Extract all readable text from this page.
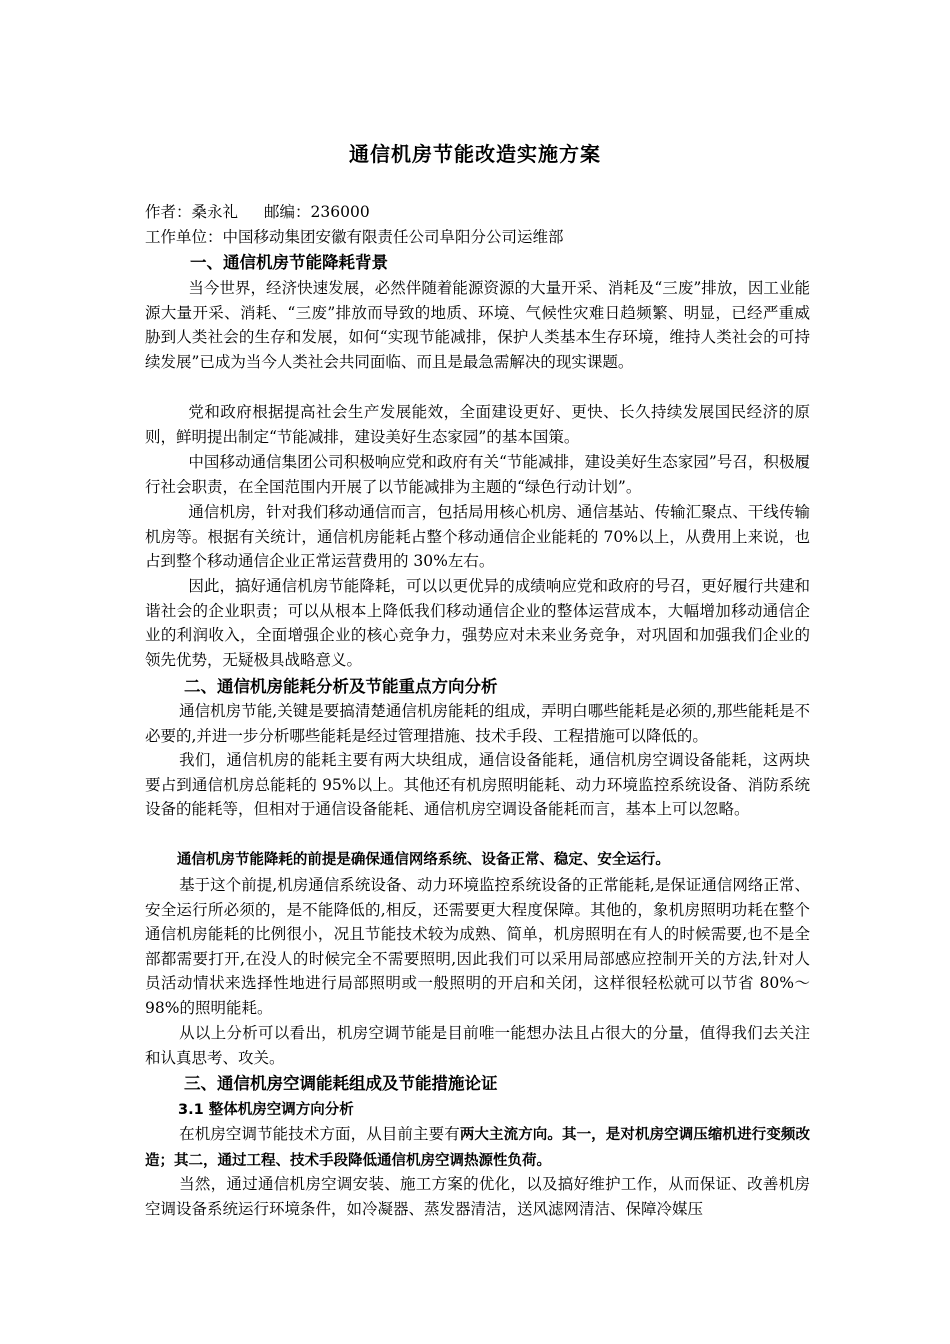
通信机房节能改造实施方案
作者：桑永礼 邮编：236000
工作单位：中国移动集团安徽有限责任公司阜阳分公司运维部
一、通信机房节能降耗背景
当今世界，经济快速发展，必然伴随着能源资源的大量开采、消耗及“三废”排放，因工业能源大量开采、消耗、“三废”排放而导致的地质、环境、气候性灾难日趋频繁、明显，已经严重威胁到人类社会的生存和发展，如何“实现节能减排，保护人类基本生存环境，维持人类社会的可持续发展”已成为当今人类社会共同面临、而且是最急需解决的现实课题。
党和政府根据提高社会生产发展能效，全面建设更好、更快、长久持续发展国民经济的原则，鲜明提出制定“节能减排，建设美好生态家园”的基本国策。
中国移动通信集团公司积极响应党和政府有关“节能减排，建设美好生态家园”号召，积极履行社会职责，在全国范围内开展了以节能减排为主题的“绿色行动计划”。
通信机房，针对我们移动通信而言，包括局用核心机房、通信基站、传输汇聚点、干线传输机房等。根据有关统计，通信机房能耗占整个移动通信企业能耗的 70%以上，从费用上来说，也占到整个移动通信企业正常运营费用的 30%左右。
因此，搞好通信机房节能降耗，可以以更优异的成绩响应党和政府的号召，更好履行共建和谐社会的企业职责；可以从根本上降低我们移动通信企业的整体运营成本，大幅增加移动通信企业的利润收入，全面增强企业的核心竞争力，强势应对未来业务竞争，对巩固和加强我们企业的领先优势，无疑极具战略意义。
二、通信机房能耗分析及节能重点方向分析
通信机房节能,关键是要搞清楚通信机房能耗的组成，弄明白哪些能耗是必须的,那些能耗是不必要的,并进一步分析哪些能耗是经过管理措施、技术手段、工程措施可以降低的。
我们，通信机房的能耗主要有两大块组成，通信设备能耗，通信机房空调设备能耗，这两块要占到通信机房总能耗的 95%以上。其他还有机房照明能耗、动力环境监控系统设备、消防系统设备的能耗等，但相对于通信设备能耗、通信机房空调设备能耗而言，基本上可以忽略。
通信机房节能降耗的前提是确保通信网络系统、设备正常、稳定、安全运行。
基于这个前提,机房通信系统设备、动力环境监控系统设备的正常能耗,是保证通信网络正常、安全运行所必须的，是不能降低的,相反，还需要更大程度保障。其他的，象机房照明功耗在整个通信机房能耗的比例很小，况且节能技术较为成熟、简单，机房照明在有人的时候需要,也不是全部都需要打开,在没人的时候完全不需要照明,因此我们可以采用局部感应控制开关的方法,针对人员活动情状来选择性地进行局部照明或一般照明的开启和关闭，这样很轻松就可以节省 80%～98%的照明能耗。
从以上分析可以看出，机房空调节能是目前唯一能想办法且占很大的分量，值得我们去关注和认真思考、攻关。
三、通信机房空调能耗组成及节能措施论证
3.1 整体机房空调方向分析
在机房空调节能技术方面，从目前主要有两大主流方向。其一，是对机房空调压缩机进行变频改造；其二，通过工程、技术手段降低通信机房空调热源性负荷。
当然，通过通信机房空调安装、施工方案的优化，以及搞好维护工作，从而保证、改善机房空调设备系统运行环境条件，如冷凝器、蒸发器清洁，送风滤网清洁、保障冷媒压
